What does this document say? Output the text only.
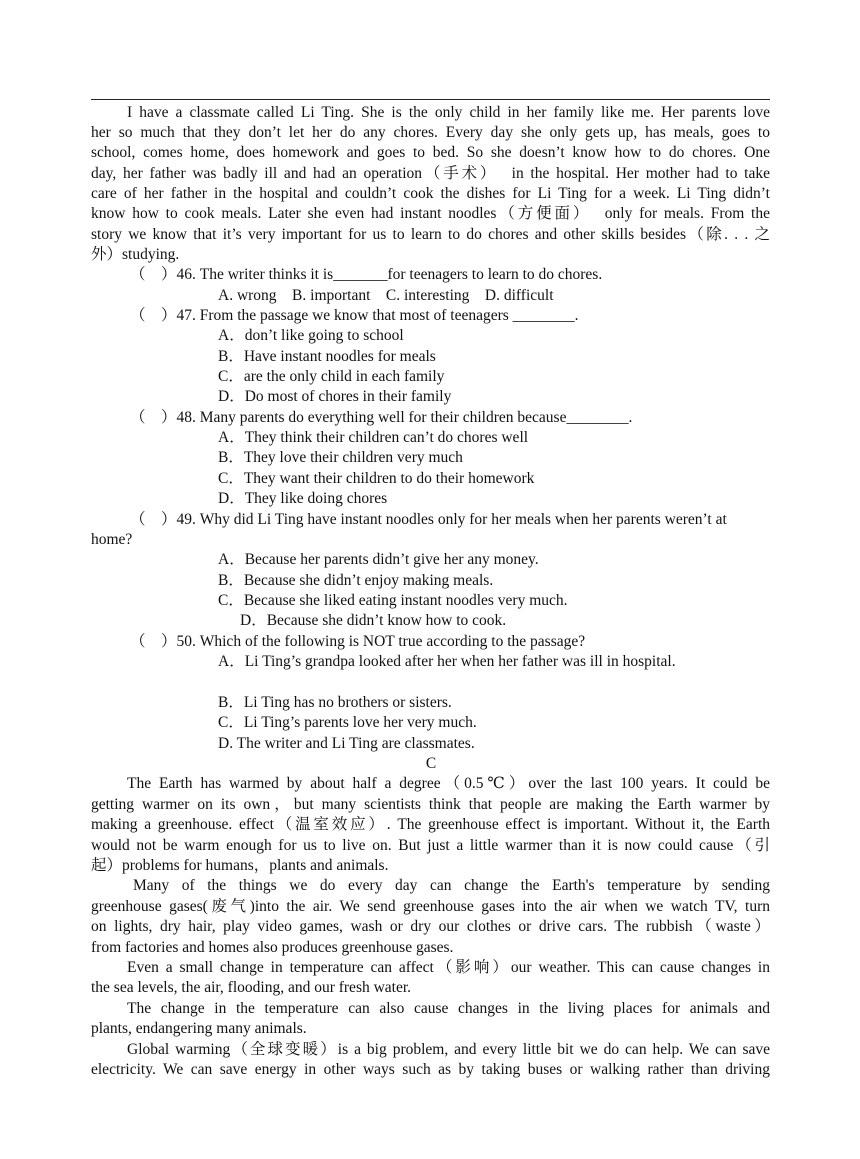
I have a classmate called Li Ting. She is the only child in her family like me. Her parents love
her so much that they don’t let her do any chores. Every day she only gets up, has meals, goes to
school, comes home, does homework and goes to bed. So she doesn’t know how to do chores. One
day, her father was badly ill and had an operation（手术）  in the hospital. Her mother had to take
care of her father in the hospital and couldn’t cook the dishes for Li Ting for a week. Li Ting didn’t
know how to cook meals. Later she even had instant noodles（方便面）  only for meals. From the
story we know that it’s very important for us to learn to do chores and other skills besides（除. . . 之
外）studying.
（    ）46. The writer thinks it is_______for teenagers to learn to do chores.
A. wrong    B. important    C. interesting    D. difficult
（    ）47. From the passage we know that most of teenagers ________.
A．don’t like going to school
B．Have instant noodles for meals
C．are the only child in each family
D．Do most of chores in their family
（    ）48. Many parents do everything well for their children because________.
A．They think their children can’t do chores well
B．They love their children very much
C．They want their children to do their homework
D．They like doing chores
（    ）49. Why did Li Ting have instant noodles only for her meals when her parents weren’t at
home?
A．Because her parents didn’t give her any money.
B．Because she didn’t enjoy making meals.
C．Because she liked eating instant noodles very much.
D．Because she didn’t know how to cook.
（    ）50. Which of the following is NOT true according to the passage?
A．Li Ting’s grandpa looked after her when her father was ill in hospital.
B．Li Ting has no brothers or sisters.
C．Li Ting’s parents love her very much.
D. The writer and Li Ting are classmates.
C
The Earth has warmed by about half a degree（0.5℃）over the last 100 years. It could be
getting warmer on its own，but many scientists think that people are making the Earth warmer by
making a greenhouse. effect（温室效应）. The greenhouse effect is important. Without it, the Earth
would not be warm enough for us to live on. But just a little warmer than it is now could cause（引
起）problems for humans，plants and animals.
Many of the things we do every day can change the Earth's temperature by sending
greenhouse gases(废气)into the air. We send greenhouse gases into the air when we watch TV, turn
on lights, dry hair, play video games, wash or dry our clothes or drive cars. The rubbish（waste）
from factories and homes also produces greenhouse gases.
Even a small change in temperature can affect（影响）our weather. This can cause changes in
the sea levels, the air, flooding, and our fresh water.
The change in the temperature can also cause changes in the living places for animals and
plants, endangering many animals.
Global warming（全球变暖）is a big problem, and every little bit we do can help. We can save
electricity. We can save energy in other ways such as by taking buses or walking rather than driving
